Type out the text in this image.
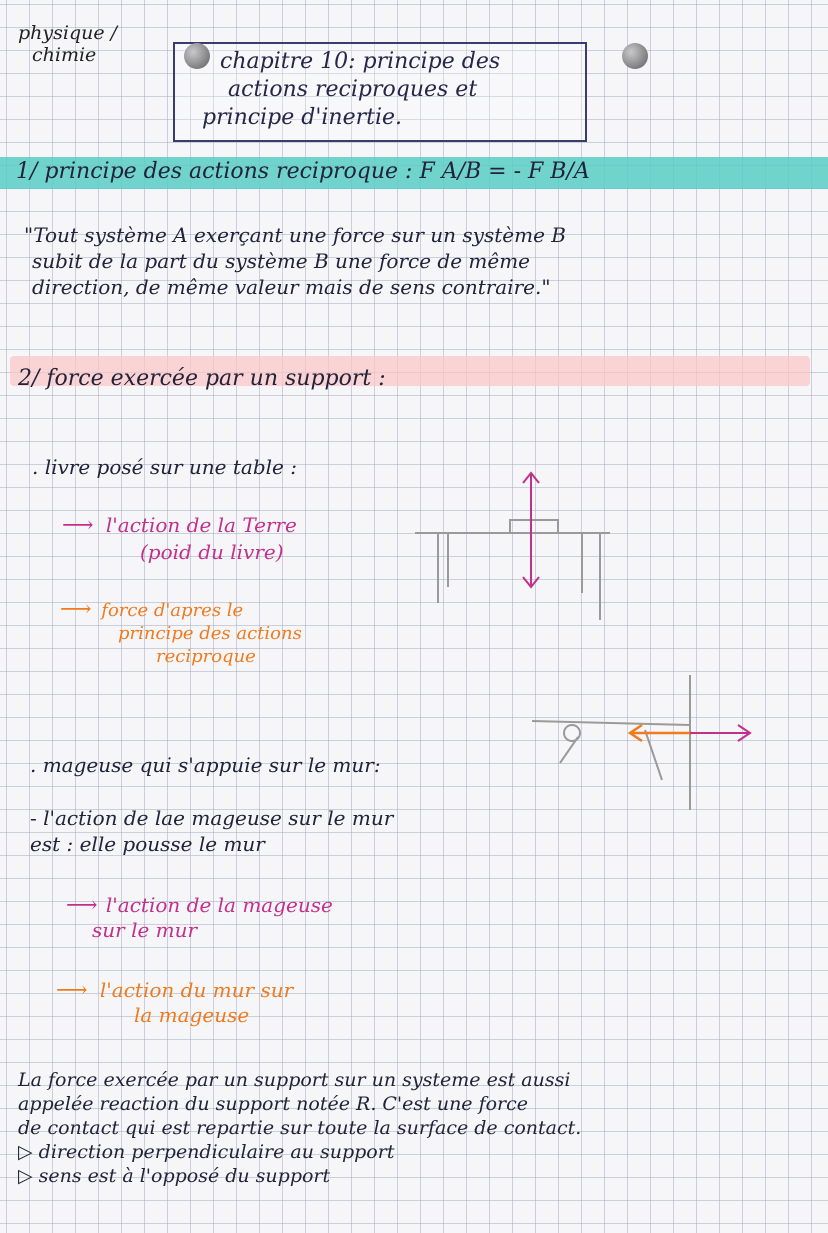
physique /
chimie	chapitre 10: principe des
actions reciproques et
principe d'inertie.
1/ principe des actions reciproque : F A/B = - F B/A
"Tout système A exerçant une force sur un système B
subit de la part du système B une force de même
direction, de même valeur mais de sens contraire."
2/ force exercée par un support :
. livre posé sur une table :
⟶ l'action de la Terre
(poid du livre)
⟶ force d'apres le
principe des actions
reciproque
. mageuse qui s'appuie sur le mur:
- l'action de lae mageuse sur le mur
est : elle pousse le mur
⟶ l'action de la mageuse
sur le mur
⟶ l'action du mur sur
la mageuse
La force exercée par un support sur un systeme est aussi
appelée reaction du support notée R. C'est une force
de contact qui est repartie sur toute la surface de contact.
▷ direction perpendiculaire au support
▷ sens est à l'opposé du support
